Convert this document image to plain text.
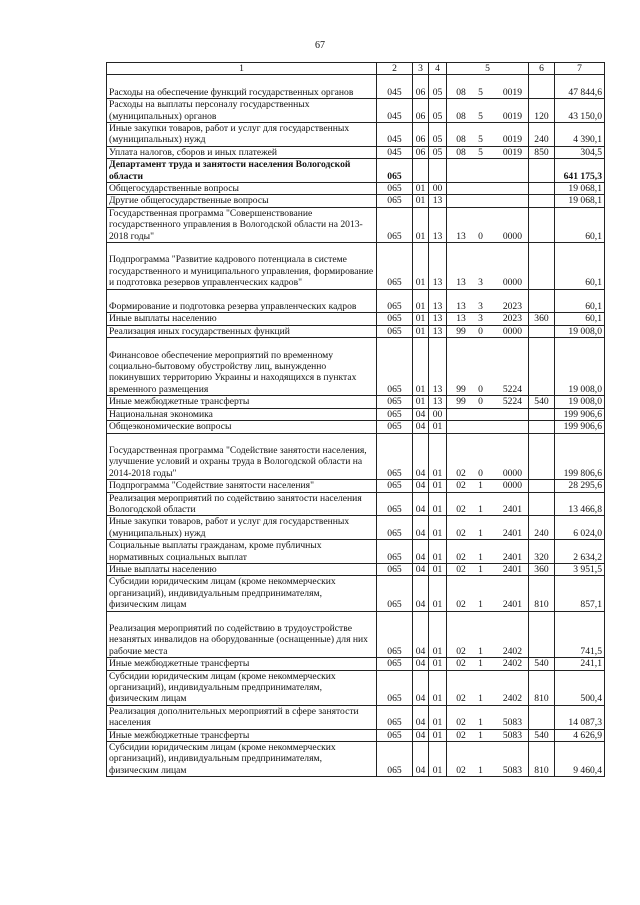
67
1	2	3	4	5	6	7
Расходы на обеспечение функций государственных органов	045	06	05	08 5 0019		47 844,6
Расходы на выплаты персоналу государственных (муниципальных) органов	045	06	05	08 5 0019	120	43 150,0
Иные закупки товаров, работ и услуг для государственных (муниципальных) нужд	045	06	05	08 5 0019	240	4 390,1
Уплата налогов, сборов и иных платежей	045	06	05	08 5 0019	850	304,5
Департамент труда и занятости населения Вологодской области	065					641 175,3
Общегосударственные вопросы	065	01	00			19 068,1
Другие общегосударственные вопросы	065	01	13			19 068,1
Государственная программа "Совершенствование государственного управления в Вологодской области на 2013-2018 годы"	065	01	13	13 0 0000		60,1
Подпрограмма "Развитие кадрового потенциала в системе государственного и муниципального управления, формирование и подготовка резервов управленческих кадров"	065	01	13	13 3 0000		60,1
Формирование и подготовка резерва управленческих кадров	065	01	13	13 3 2023		60,1
Иные выплаты населению	065	01	13	13 3 2023	360	60,1
Реализация иных государственных функций	065	01	13	99 0 0000		19 008,0
Финансовое обеспечение мероприятий по временному социально-бытовому обустройству лиц, вынужденно покинувших территорию Украины и находящихся в пунктах временного размещения	065	01	13	99 0 5224		19 008,0
Иные межбюджетные трансферты	065	01	13	99 0 5224	540	19 008,0
Национальная экономика	065	04	00			199 906,6
Общеэкономические вопросы	065	04	01			199 906,6
Государственная программа "Содействие занятости населения, улучшение условий и охраны труда в Вологодской области на 2014-2018 годы"	065	04	01	02 0 0000		199 806,6
Подпрограмма "Содействие занятости населения"	065	04	01	02 1 0000		28 295,6
Реализация мероприятий по содействию занятости населения Вологодской области	065	04	01	02 1 2401		13 466,8
Иные закупки товаров, работ и услуг для государственных (муниципальных) нужд	065	04	01	02 1 2401	240	6 024,0
Социальные выплаты гражданам, кроме публичных нормативных социальных выплат	065	04	01	02 1 2401	320	2 634,2
Иные выплаты населению	065	04	01	02 1 2401	360	3 951,5
Субсидии юридическим лицам (кроме некоммерческих организаций), индивидуальным предпринимателям, физическим лицам	065	04	01	02 1 2401	810	857,1
Реализация мероприятий по содействию в трудоустройстве незанятых инвалидов на оборудованные (оснащенные) для них рабочие места	065	04	01	02 1 2402		741,5
Иные межбюджетные трансферты	065	04	01	02 1 2402	540	241,1
Субсидии юридическим лицам (кроме некоммерческих организаций), индивидуальным предпринимателям, физическим лицам	065	04	01	02 1 2402	810	500,4
Реализация дополнительных мероприятий в сфере занятости населения	065	04	01	02 1 5083		14 087,3
Иные межбюджетные трансферты	065	04	01	02 1 5083	540	4 626,9
Субсидии юридическим лицам (кроме некоммерческих организаций), индивидуальным предпринимателям, физическим лицам	065	04	01	02 1 5083	810	9 460,4
